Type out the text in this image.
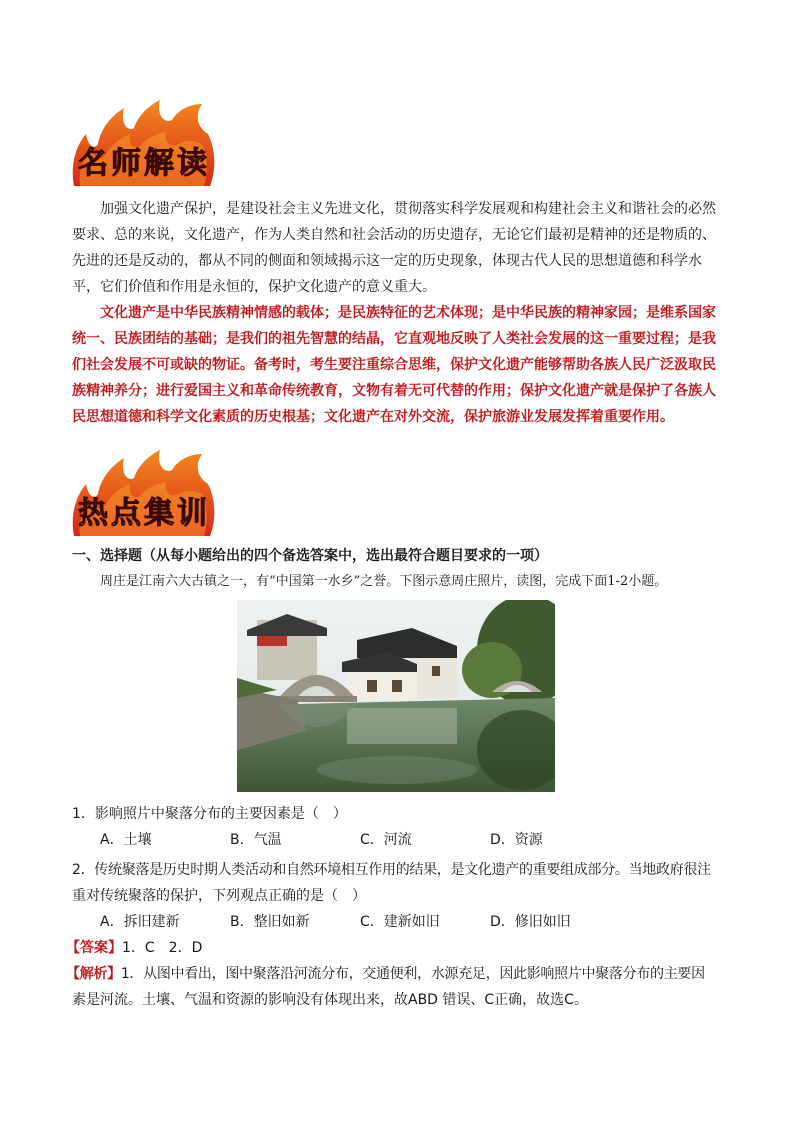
名师解读

加强文化遗产保护，是建设社会主义先进文化，贯彻落实科学发展观和构建社会主义和谐社会的必然要求、总的来说，文化遗产，作为人类自然和社会活动的历史遗存，无论它们最初是精神的还是物质的、先进的还是反动的，都从不同的侧面和领域揭示这一定的历史现象，体现古代人民的思想道德和科学水平，它们价值和作用是永恒的，保护文化遗产的意义重大。

文化遗产是中华民族精神情感的载体；是民族特征的艺术体现；是中华民族的精神家园；是维系国家统一、民族团结的基础；是我们的祖先智慧的结晶，它直观地反映了人类社会发展的这一重要过程；是我们社会发展不可或缺的物证。备考时，考生要注重综合思维，保护文化遗产能够帮助各族人民广泛汲取民族精神养分；进行爱国主义和革命传统教育，文物有着无可代替的作用；保护文化遗产就是保护了各族人民思想道德和科学文化素质的历史根基；文化遗产在对外交流，保护旅游业发展发挥着重要作用。

热点集训
一、选择题（从每小题给出的四个备选答案中，选出最符合题目要求的一项）
周庄是江南六大古镇之一，有“中国第一水乡”之誉。下图示意周庄照片，读图，完成下面1-2小题。
1．影响照片中聚落分布的主要因素是（　）
A．土壤	B．气温	C．河流	D．资源
2．传统聚落是历史时期人类活动和自然环境相互作用的结果，是文化遗产的重要组成部分。当地政府很注
重对传统聚落的保护，下列观点正确的是（　）
A．拆旧建新	B．整旧如新	C．建新如旧	D．修旧如旧
【答案】1．C　2．D
【解析】1．从图中看出，图中聚落沿河流分布，交通便利，水源充足，因此影响照片中聚落分布的主要因
素是河流。土壤、气温和资源的影响没有体现出来，故ABD 错误、C正确，故选C。
